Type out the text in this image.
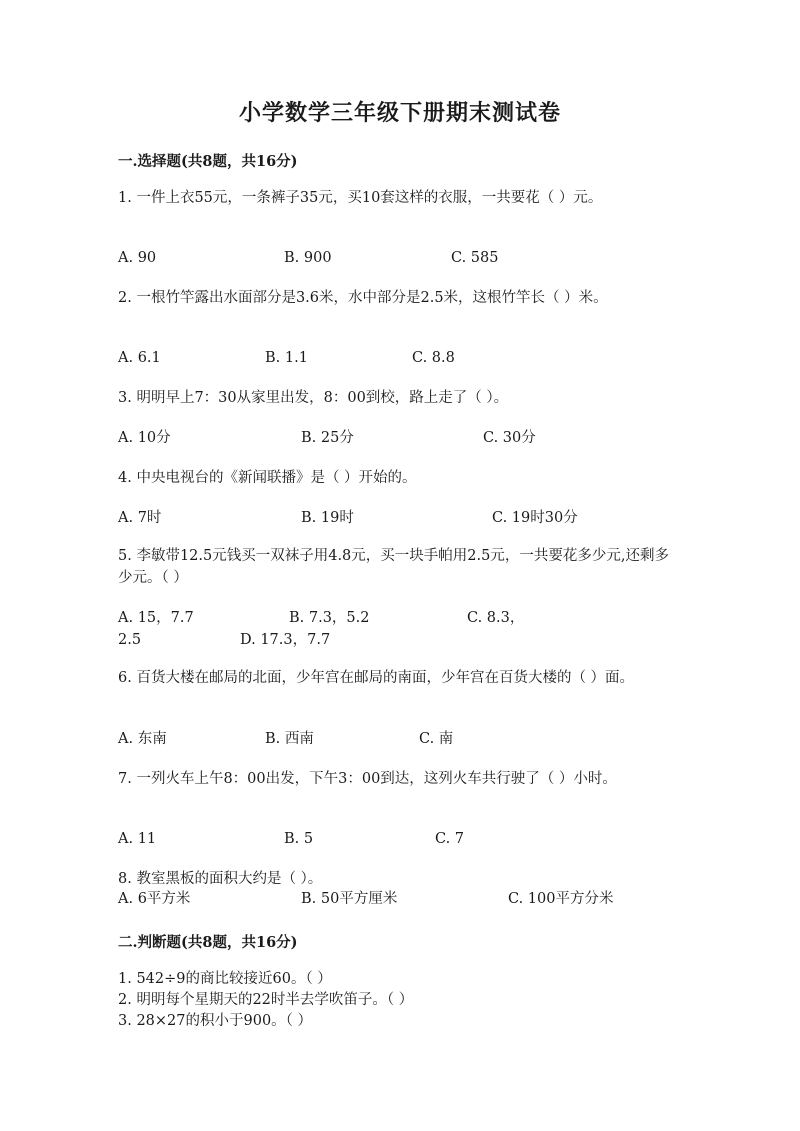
小学数学三年级下册期末测试卷
一.选择题(共8题，共16分)
1. 一件上衣55元，一条裤子35元，买10套这样的衣服，一共要花（ ）元。
A. 90	B. 900	C. 585
2. 一根竹竿露出水面部分是3.6米，水中部分是2.5米，这根竹竿长（ ）米。
A. 6.1	B. 1.1	C. 8.8
3. 明明早上7：30从家里出发，8：00到校，路上走了（ ）。
A. 10分	B. 25分	C. 30分
4. 中央电视台的《新闻联播》是（ ）开始的。
A. 7时	B. 19时	C. 19时30分
5. 李敏带12.5元钱买一双袜子用4.8元，买一块手帕用2.5元，一共要花多少元,还剩多少元。（ ）
A. 15，7.7	B. 7.3，5.2	C. 8.3，
2.5	D. 17.3，7.7
6. 百货大楼在邮局的北面，少年宫在邮局的南面，少年宫在百货大楼的（ ）面。
A. 东南	B. 西南	C. 南
7. 一列火车上午8：00出发，下午3：00到达，这列火车共行驶了（ ）小时。
A. 11	B. 5	C. 7
8. 教室黑板的面积大约是（ ）。
A. 6平方米	B. 50平方厘米	C. 100平方分米
二.判断题(共8题，共16分)
1. 542÷9的商比较接近60。（ ）
2. 明明每个星期天的22时半去学吹笛子。（ ）
3. 28×27的积小于900。（ ）
